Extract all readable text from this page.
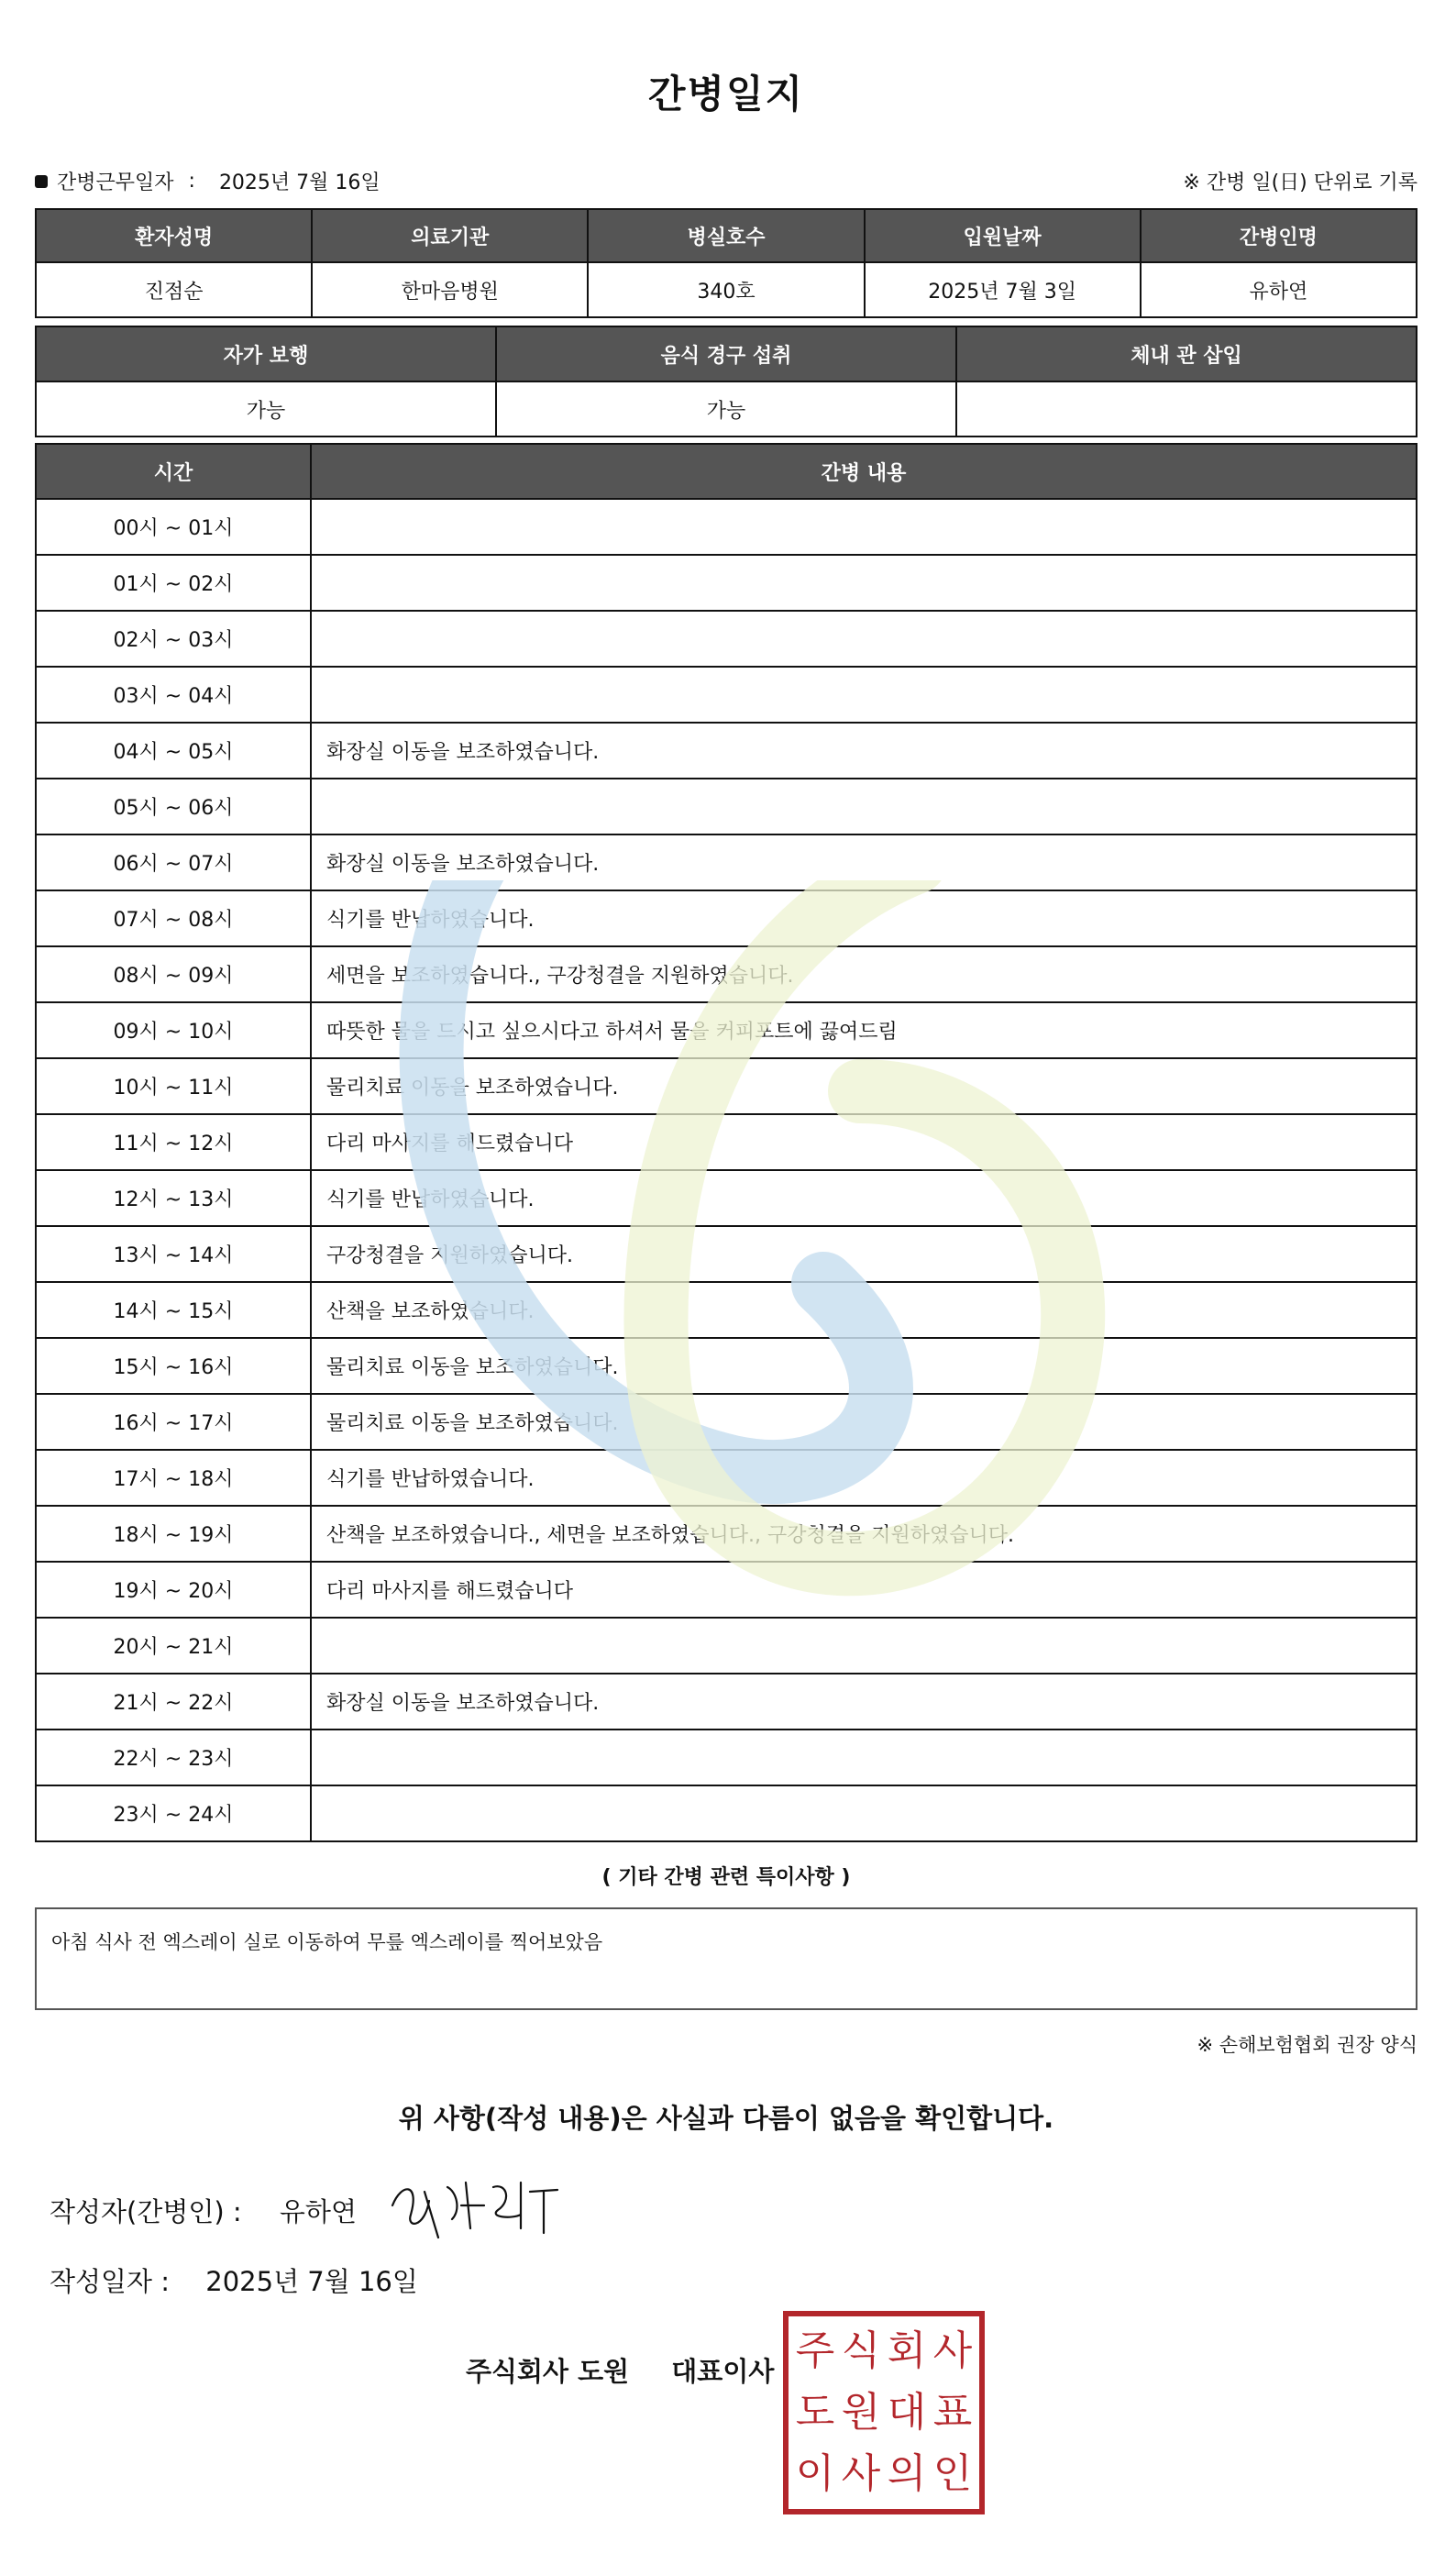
간병일지
간병근무일자 : 2025년 7월 16일	※ 간병 일(日) 단위로 기록
환자성명	의료기관	병실호수	입원날짜	간병인명
진점순	한마음병원	340호	2025년 7월 3일	유하연
자가 보행	음식 경구 섭취	체내 관 삽입
가능	가능	
시간	간병 내용
00시 ~ 01시	
01시 ~ 02시	
02시 ~ 03시	
03시 ~ 04시	
04시 ~ 05시	화장실 이동을 보조하였습니다.
05시 ~ 06시	
06시 ~ 07시	화장실 이동을 보조하였습니다.
07시 ~ 08시	식기를 반납하였습니다.
08시 ~ 09시	세면을 보조하였습니다., 구강청결을 지원하였습니다.
09시 ~ 10시	따뜻한 물을 드시고 싶으시다고 하셔서 물을 커피포트에 끓여드림
10시 ~ 11시	물리치료 이동을 보조하였습니다.
11시 ~ 12시	다리 마사지를 해드렸습니다
12시 ~ 13시	식기를 반납하였습니다.
13시 ~ 14시	구강청결을 지원하였습니다.
14시 ~ 15시	산책을 보조하였습니다.
15시 ~ 16시	물리치료 이동을 보조하였습니다.
16시 ~ 17시	물리치료 이동을 보조하였습니다.
17시 ~ 18시	식기를 반납하였습니다.
18시 ~ 19시	산책을 보조하였습니다., 세면을 보조하였습니다., 구강청결을 지원하였습니다.
19시 ~ 20시	다리 마사지를 해드렸습니다
20시 ~ 21시	
21시 ~ 22시	화장실 이동을 보조하였습니다.
22시 ~ 23시	
23시 ~ 24시	
( 기타 간병 관련 특이사항 )
아침 식사 전 엑스레이 실로 이동하여 무릎 엑스레이를 찍어보았음
※ 손해보험협회 권장 양식
위 사항(작성 내용)은 사실과 다름이 없음을 확인합니다.
작성자(간병인) : 유하연
작성일자 : 2025년 7월 16일
주식회사 도원 대표이사 주 식 회 사
도 원 대 표
이 사 의 인
